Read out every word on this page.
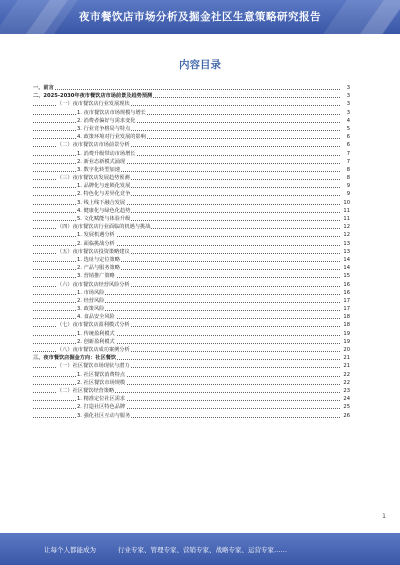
夜市餐饮店市场分析及掘金社区生意策略研究报告
内容目录
一、前言	3
二、2025-2030年夜市餐饮店市场前景及趋势预测	3
（一）夜市餐饮店行业发展现状	3
1. 夜市餐饮店市场规模与增长	3
2. 消费者偏好与需求变化	4
3. 行业竞争格局与特点	5
4. 政策环境对行业发展的影响	6
（二）夜市餐饮店市场前景分析	6
1. 消费升级带动市场增长	7
2. 新业态新模式涌现	7
3. 数字化转型加速	8
（三）夜市餐饮店发展趋势预测	8
1. 品牌化与连锁化发展	9
2. 特色化与差异化竞争	9
3. 线上线下融合发展	10
4. 健康化与绿色化趋势	11
5. 文化赋能与体验升级	11
（四）夜市餐饮店行业面临的机遇与挑战	12
1. 发展机遇分析	12
2. 面临挑战分析	13
（五）夜市餐饮店投资策略建议	13
1. 选址与定位策略	14
2. 产品与服务策略	14
3. 营销推广策略	15
（六）夜市餐饮店经营风险分析	16
1. 市场风险	16
2. 经营风险	17
3. 政策风险	17
4. 食品安全风险	18
（七）夜市餐饮店盈利模式分析	18
1. 传统盈利模式	19
2. 创新盈利模式	19
（八）夜市餐饮店成功案例分析	20
三、夜市餐饮店掘金方向：社区餐饮	21
（一）社区餐饮市场现状与潜力	21
1. 社区餐饮消费特点	22
2. 社区餐饮市场规模	22
（二）社区餐饮经营策略	23
1. 精准定位社区需求	24
2. 打造社区特色品牌	25
3. 强化社区互动与服务	26
1
让每个人都能成为	行业专家、管理专家、营销专家、战略专家、运营专家……
